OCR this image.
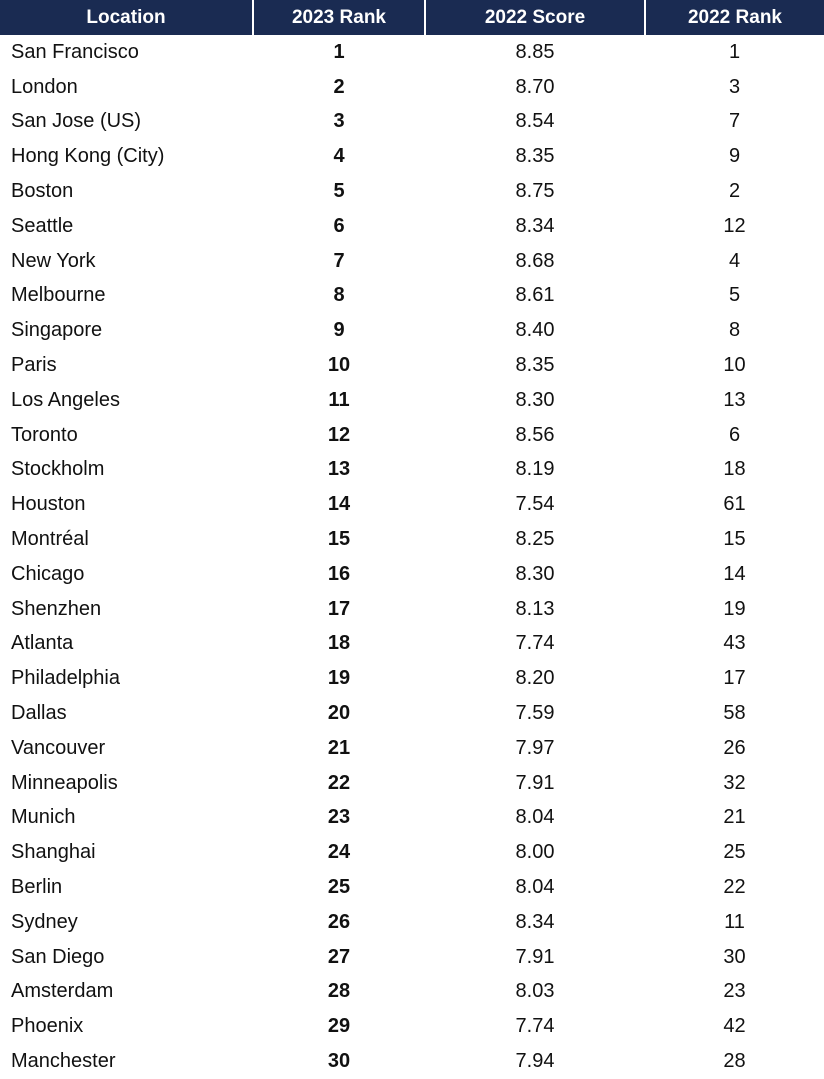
Location	2023 Rank	2022 Score	2022 Rank
San Francisco	1	8.85	1
London	2	8.70	3
San Jose (US)	3	8.54	7
Hong Kong (City)	4	8.35	9
Boston	5	8.75	2
Seattle	6	8.34	12
New York	7	8.68	4
Melbourne	8	8.61	5
Singapore	9	8.40	8
Paris	10	8.35	10
Los Angeles	11	8.30	13
Toronto	12	8.56	6
Stockholm	13	8.19	18
Houston	14	7.54	61
Montréal	15	8.25	15
Chicago	16	8.30	14
Shenzhen	17	8.13	19
Atlanta	18	7.74	43
Philadelphia	19	8.20	17
Dallas	20	7.59	58
Vancouver	21	7.97	26
Minneapolis	22	7.91	32
Munich	23	8.04	21
Shanghai	24	8.00	25
Berlin	25	8.04	22
Sydney	26	8.34	11
San Diego	27	7.91	30
Amsterdam	28	8.03	23
Phoenix	29	7.74	42
Manchester	30	7.94	28
